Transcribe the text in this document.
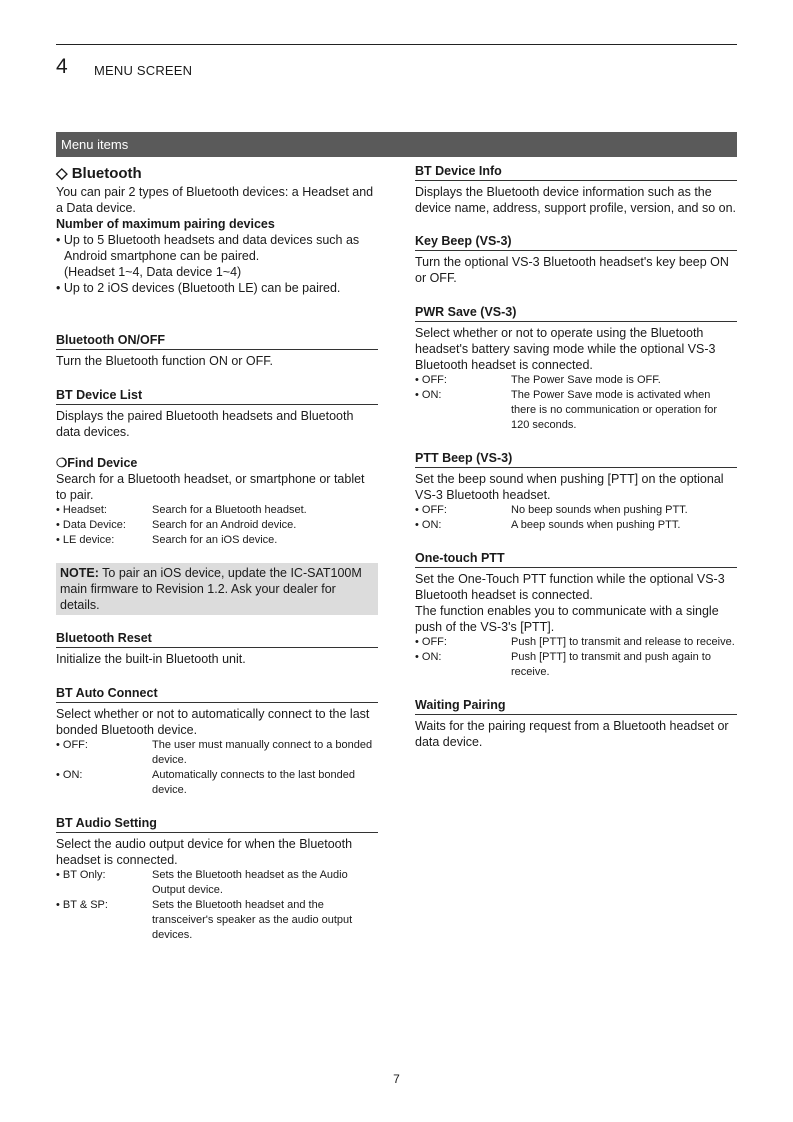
4 MENU SCREEN
Menu items

◇ Bluetooth

You can pair 2 types of Bluetooth devices: a Headset and a Data device.

Number of maximum pairing devices

• Up to 5 Bluetooth headsets and data devices such as Android smartphone can be paired.

(Headset 1~4, Data device 1~4)

• Up to 2 iOS devices (Bluetooth LE) can be paired.

Bluetooth ON/OFF

Turn the Bluetooth function ON or OFF.

BT Device List

Displays the paired Bluetooth headsets and Bluetooth data devices.

❍Find Device

Search for a Bluetooth headset, or smartphone or tablet to pair.

• Headset:	Search for a Bluetooth headset.
• Data Device:	Search for an Android device.
• LE device:	Search for an iOS device.
NOTE: To pair an iOS device, update the IC-SAT100M main firmware to Revision 1.2. Ask your dealer for details.

Bluetooth Reset

Initialize the built-in Bluetooth unit.

BT Auto Connect

Select whether or not to automatically connect to the last bonded Bluetooth device.

• OFF:	The user must manually connect to a bonded device.
• ON:	Automatically connects to the last bonded device.

BT Audio Setting

Select the audio output device for when the Bluetooth headset is connected.

• BT Only:	Sets the Bluetooth headset as the Audio Output device.
• BT & SP:	Sets the Bluetooth headset and the transceiver's speaker as the audio output devices.

BT Device Info

Displays the Bluetooth device information such as the device name, address, support profile, version, and so on.

Key Beep (VS-3)

Turn the optional VS-3 Bluetooth headset's key beep ON or OFF.

PWR Save (VS-3)

Select whether or not to operate using the Bluetooth headset's battery saving mode while the optional VS-3 Bluetooth headset is connected.

• OFF:	The Power Save mode is OFF.
• ON:	The Power Save mode is activated when there is no communication or operation for 120 seconds.

PTT Beep (VS-3)

Set the beep sound when pushing [PTT] on the optional VS-3 Bluetooth headset.

• OFF:	No beep sounds when pushing PTT.
• ON:	A beep sounds when pushing PTT.

One-touch PTT

Set the One-Touch PTT function while the optional VS-3 Bluetooth headset is connected.

The function enables you to communicate with a single push of the VS-3's [PTT].

• OFF:	Push [PTT] to transmit and release to receive.
• ON:	Push [PTT] to transmit and push again to receive.

Waiting Pairing

Waits for the pairing request from a Bluetooth headset or data device.

7
